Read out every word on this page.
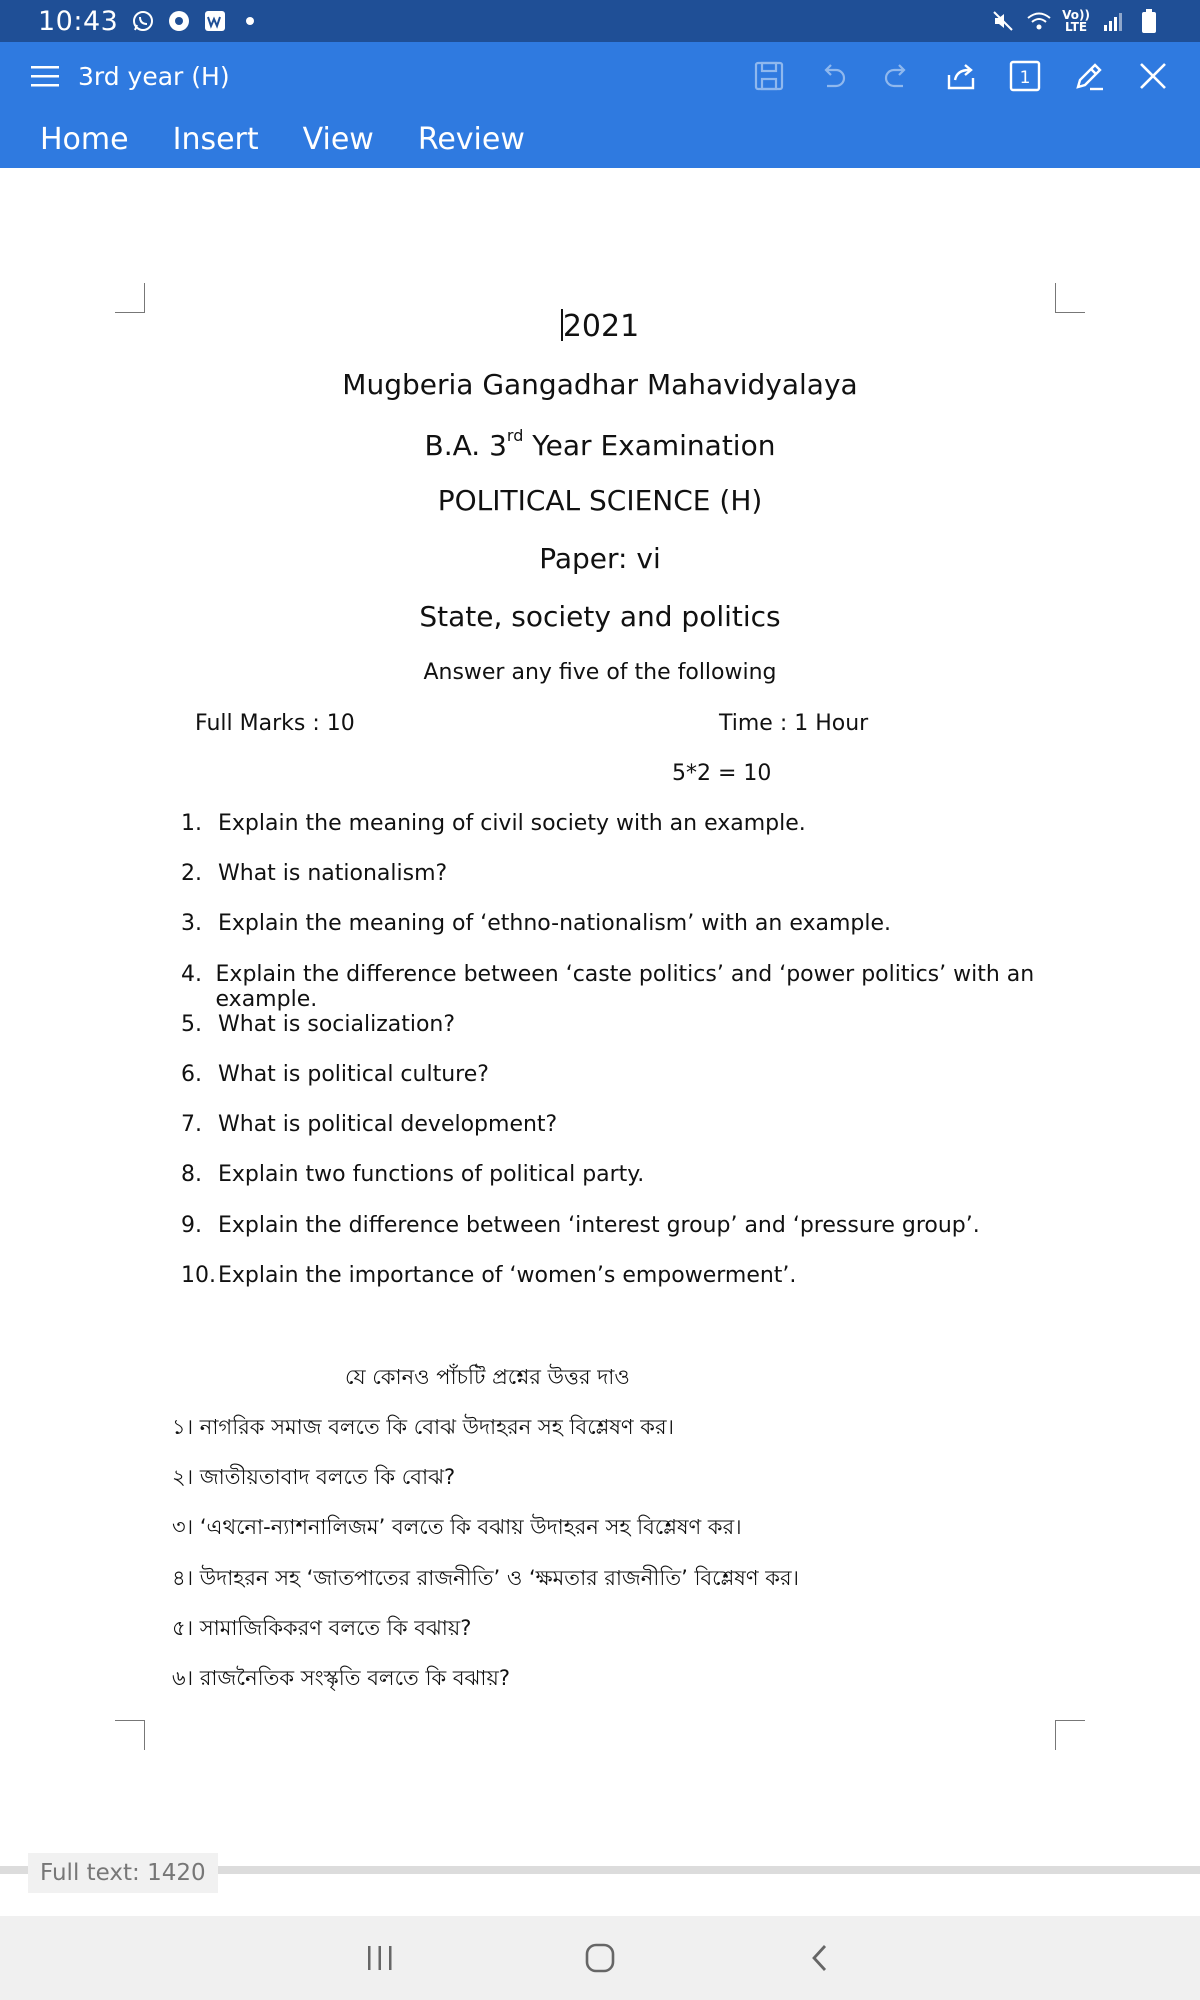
10:43	Vo))
LTE
3rd year (H)	1
Home Insert View Review
2021
Mugberia Gangadhar Mahavidyalaya
B.A. 3rd Year Examination
POLITICAL SCIENCE (H)
Paper: vi
State, society and politics
Answer any five of the following
Full Marks : 10	Time : 1 Hour
5*2 = 10
1. Explain the meaning of civil society with an example.
2. What is nationalism?
3. Explain the meaning of ‘ethno-nationalism’ with an example.
4. Explain the difference between ‘caste politics’ and ‘power politics’ with an example.
5. What is socialization?
6. What is political culture?
7. What is political development?
8. Explain two functions of political party.
9. Explain the difference between ‘interest group’ and ‘pressure group’.
10. Explain the importance of ‘women’s empowerment’.
যে কোনও পাঁচটি প্রশ্নের উত্তর দাও
১। নাগরিক সমাজ বলতে কি বোঝ উদাহরন সহ বিশ্লেষণ কর।
২। জাতীয়তাবাদ বলতে কি বোঝ?
৩। ‘এথনো-ন্যাশনালিজম’ বলতে কি বঝায় উদাহরন সহ বিশ্লেষণ কর।
৪। উদাহরন সহ ‘জাতপাতের রাজনীতি’ ও ‘ক্ষমতার রাজনীতি’ বিশ্লেষণ কর।
৫। সামাজিকিকরণ বলতে কি বঝায়?
৬। রাজনৈতিক সংস্কৃতি বলতে কি বঝায়?
Full text: 1420
